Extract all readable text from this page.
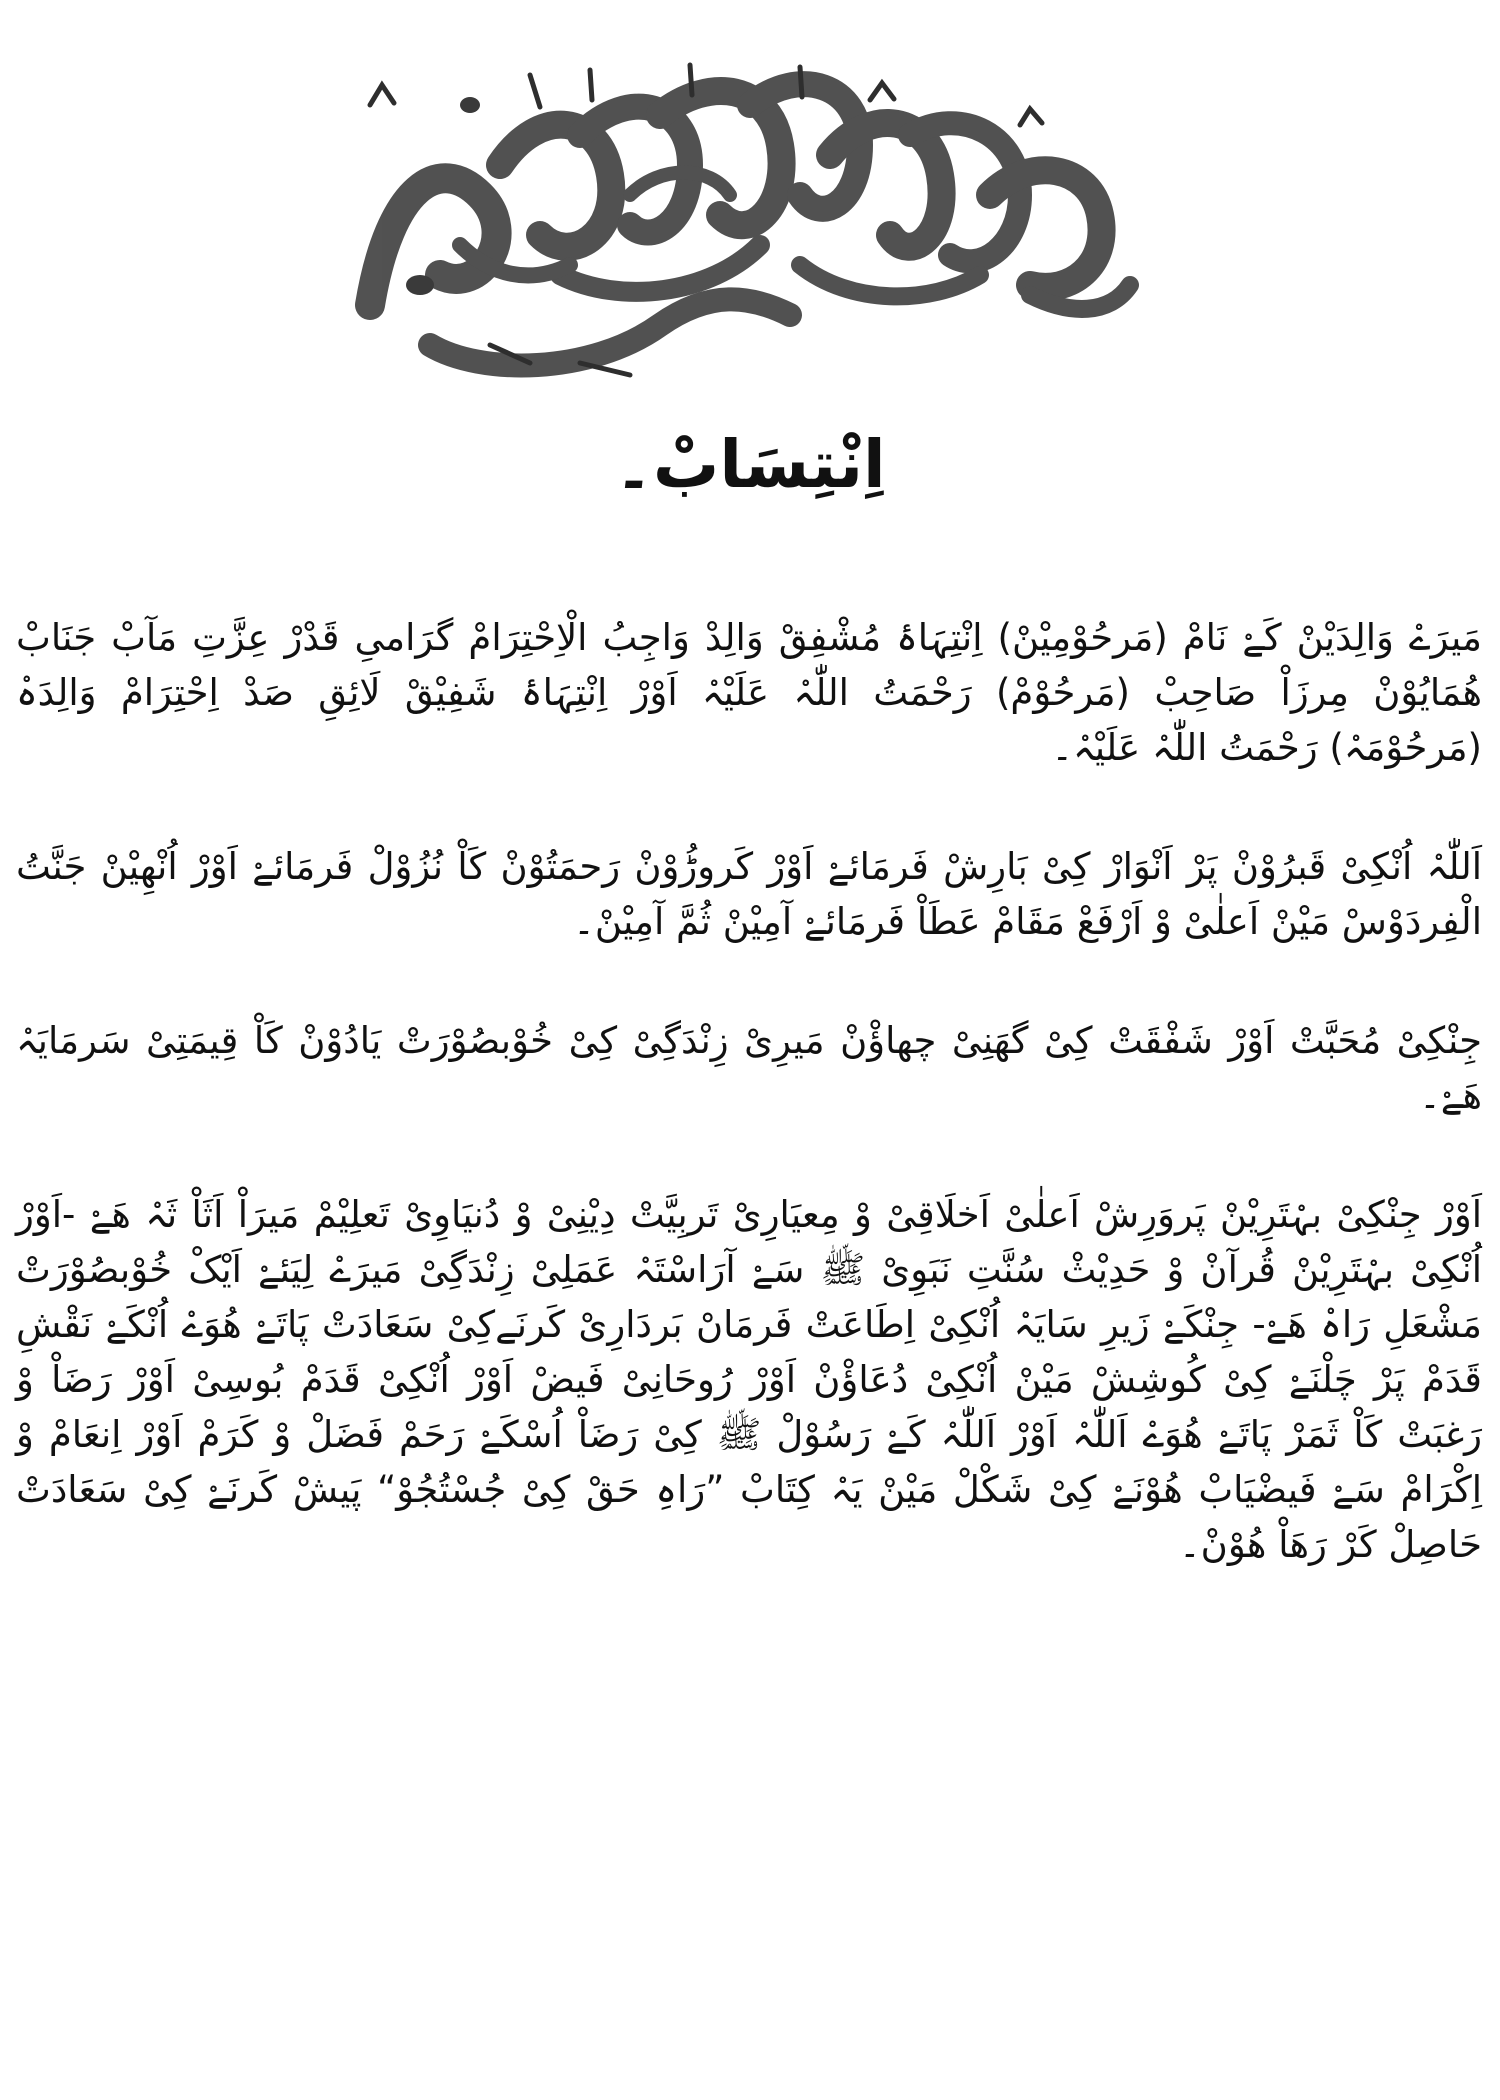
اِنْتِسَابْ۔

مَیرَےْ وَالِدَیْنْ کَےْ نَامْ (مَرحُوْمِیْنْ) اِنْتِہَاۂ مُشْفِقْ وَالِدْ وَاجِبُ الْاِحْتِرَامْ گرَامیِ قَدْرْ عِزَّتِ مَآبْ جَنَابْ ھُمَایُوْنْ مِرزَاْ صَاحِبْ (مَرحُوْمْ) رَحْمَتُ اللّٰہْ عَلَیْہْ اَوْرْ اِنْتِہَاۂ شَفِیْقْ لَائِقِ صَدْ اِحْتِرَامْ وَالِدَہْ (مَرحُوْمَہْ) رَحْمَتُ اللّٰہْ عَلَیْہْ۔

اَللّٰہْ اُنْکِیْ قَبرُوْنْ پَرْ اَنْوَارْ کِیْ بَارِشْ فَرمَائےْ اَوْرْ کَروڑُوْنْ رَحمَتُوْنْ کَاْ نُزُوْلْ فَرمَائےْ اَوْرْ اُنْھِیْنْ جَنَّتُ الْفِردَوْسْ مَیْنْ اَعلٰیْ وْ اَرْفَعْ مَقَامْ عَطَاْ فَرمَائےْ آمِیْنْ ثُمَّ آمِیْنْ۔

جِنْکِیْ مُحَبَّتْ اَوْرْ شَفْقَتْ کِیْ گھَنِیْ چھاؤْنْ مَیرِیْ زِنْدَگِیْ کِیْ خُوْبصُوْرَتْ یَادُوْنْ کَاْ قِیمَتِیْ سَرمَایَہْ ھَےْ۔

اَوْرْ جِنْکِیْ بہْتَرِیْنْ پَروَرِشْ اَعلٰیْ اَخلَاقِیْ وْ مِعیَارِیْ تَربِیَّتْ دِیْنِیْ وْ دُنیَاوِیْ تَعلِیْمْ مَیرَاْ اَثَاْ ثَہْ ھَےْ -اَوْرْ اُنْکِیْ بہْتَرِیْنْ قُرآنْ وْ حَدِیْثْ سُنَّتِ نَبَوِیْ ﷺ سَےْ آرَاسْتَہْ عَمَلِیْ زِنْدَگِیْ مَیرَےْ لِیَئےْ اَیْکْ خُوْبصُوْرَتْ مَشْعَلِ رَاہْ ھَےْ- جِنْکَےْ زَیرِ سَایَہْ اُنْکِیْ اِطَاعَتْ فَرمَاںْ بَردَارِیْ کَرنَےکِیْ سَعَادَتْ پَاتَےْ ھُوَےْ اُنْکَےْ نَقْشِ قَدَمْ پَرْ چَلْنَےْ کِیْ کُوشِشْ مَیْنْ اُنْکِیْ دُعَاؤْنْ اَوْرْ رُوحَانِیْ فَیضْ اَوْرْ اُنْکِیْ قَدَمْ بُوسِیْ اَوْرْ رَضَاْ وْ رَغبَتْ کَاْ ثَمَرْ پَاتَےْ ھُوَےْ اَللّٰہْ اَوْرْ اَللّٰہْ کَےْ رَسُوْلْ ﷺ کِیْ رَضَاْ اُسْکَےْ رَحَمْ فَضَلْ وْ کَرَمْ اَوْرْ اِنعَامْ وْ اِکْرَامْ سَےْ فَیضْیَابْ ھُوْنَےْ کِیْ شَکْلْ مَیْنْ یَہْ کِتَابْ ”رَاہِ حَقْ کِیْ جُسْتُجُوْ“ پَیشْ کَرنَےْ کِیْ سَعَادَتْ حَاصِلْ کَرْ رَھَاْ ھُوْنْ۔
